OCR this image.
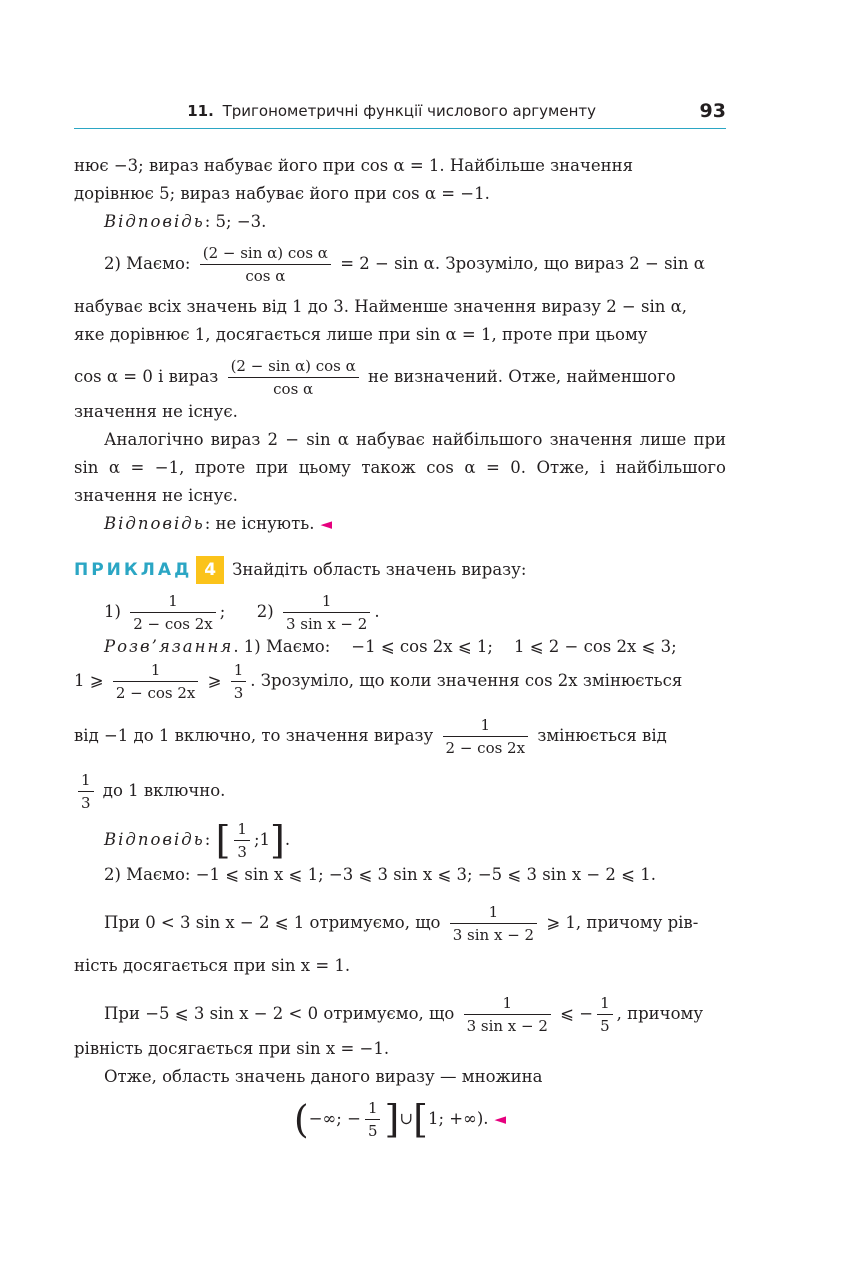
11. Тригонометричні функції числового аргументу	93
нює −3; вираз набуває його при cos α = 1. Найбільше значення
дорівнює 5; вираз набуває його при cos α = −1.
Відповідь: 5; −3.
2) Маємо: $\frac{\text{(2 − sin α) cos α}}{\text{cos α}} = 2 - \sin \alpha$. Зрозуміло, що вираз 2 − sin α
набуває всіх значень від 1 до 3. Найменше значення виразу 2 − sin α,
яке дорівнює 1, досягається лише при sin α = 1, проте при цьому
cos α = 0 і вираз $\frac{\text{(2 − sin α) cos α}}{\text{cos α}}$ не визначений. Отже, найменшого
значення не існує.
Аналогічно вираз 2 − sin α набуває найбільшого значення лише при sin α = −1, проте при цьому також cos α = 0. Отже, і найбільшого значення не існує.
Відповідь: не існують. ◄
ПРИКЛАД 4 Знайдіть область значень виразу:
$1) \frac{1}{2 - \cos 2x}$ ;      $2) \frac{1}{\text{3 sin x − 2}}$ .
Розв’язання. 1) Маємо: −1 ⩽ cos 2x ⩽ 1; 1 ⩽ 2 − cos 2x ⩽ 3;
1 ⩾ $\frac{1}{2 - \cos 2x}$ ⩾ $\frac{1}{3}$ . Зрозуміло, що коли значення cos 2x змінюється
від −1 до 1 включно, то значення виразу $\frac{1}{2 - \cos 2x}$ змінюється від
$\frac{1}{3}$ до 1 включно.
Відповідь: [ $\frac{1}{3}$ ;1].
2) Маємо: −1 ⩽ sin x ⩽ 1; −3 ⩽ 3 sin x ⩽ 3; −5 ⩽ 3 sin x − 2 ⩽ 1.
При 0 < 3 sin x − 2 ⩽ 1 отримуємо, що $\frac{1}{\text{3 sin x − 2}}$ ⩾ 1, причому рів-
ність досягається при sin x = 1.
При −5 ⩽ 3 sin x − 2 < 0 отримуємо, що $\frac{1}{\text{3 sin x − 2}}$ ⩽ − $\frac{1}{5}$ , причому
рівність досягається при sin x = −1.
Отже, область значень даного виразу — множина
(−∞; − $\frac{1}{5}$ ]∪[1; +∞). ◄
